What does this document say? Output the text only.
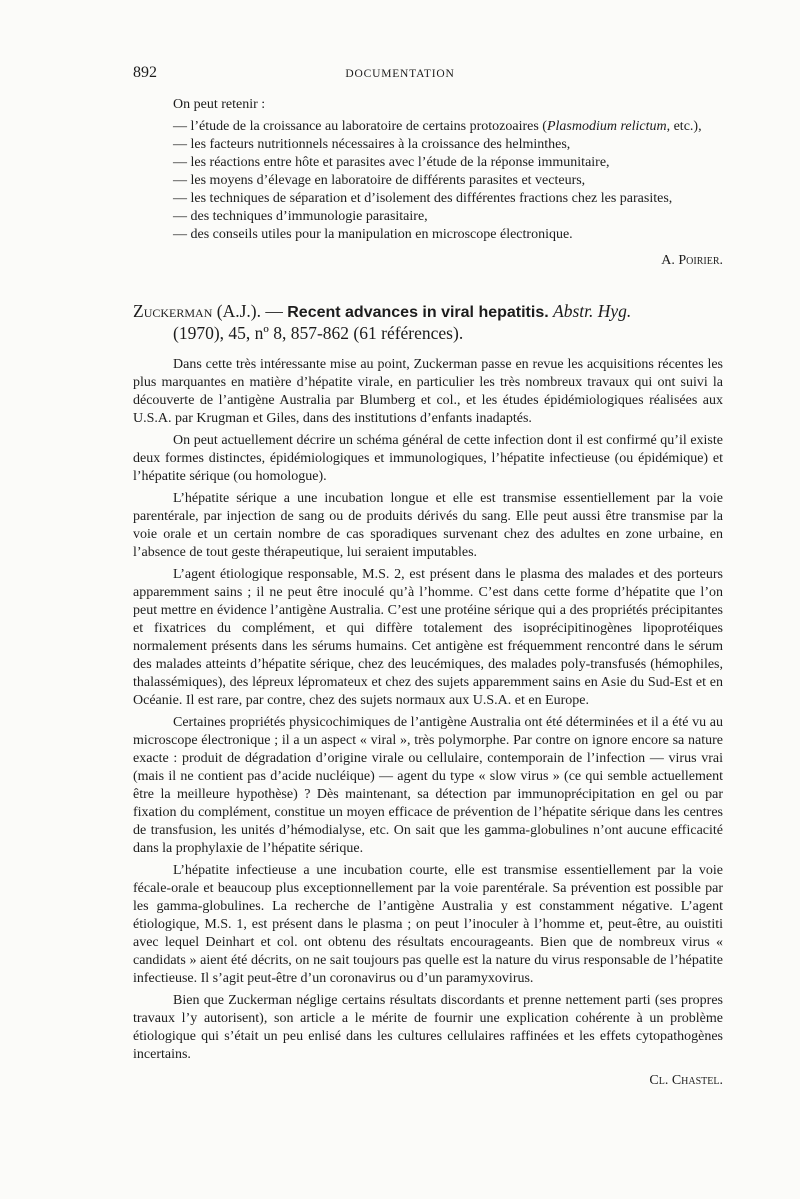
892	DOCUMENTATION

On peut retenir :

— l’étude de la croissance au laboratoire de certains protozoaires (Plasmodium relictum, etc.),
— les facteurs nutritionnels nécessaires à la croissance des helminthes,
— les réactions entre hôte et parasites avec l’étude de la réponse immunitaire,
— les moyens d’élevage en laboratoire de différents parasites et vecteurs,
— les techniques de séparation et d’isolement des différentes fractions chez les parasites,
— des techniques d’immunologie parasitaire,
— des conseils utiles pour la manipulation en microscope électronique.
A. Poirier.
Zuckerman (A.J.). — Recent advances in viral hepatitis. Abstr. Hyg.
(1970), 45, nº 8, 857-862 (61 références).

Dans cette très intéressante mise au point, Zuckerman passe en revue les acquisitions récentes les plus marquantes en matière d’hépatite virale, en particulier les très nombreux travaux qui ont suivi la découverte de l’antigène Australia par Blumberg et col., et les études épidémiologiques réalisées aux U.S.A. par Krugman et Giles, dans des institutions d’enfants inadaptés.

On peut actuellement décrire un schéma général de cette infection dont il est confirmé qu’il existe deux formes distinctes, épidémiologiques et immunologiques, l’hépatite infectieuse (ou épidémique) et l’hépatite sérique (ou homologue).

L’hépatite sérique a une incubation longue et elle est transmise essentiellement par la voie parentérale, par injection de sang ou de produits dérivés du sang. Elle peut aussi être transmise par la voie orale et un certain nombre de cas sporadiques survenant chez des adultes en zone urbaine, en l’absence de tout geste thérapeutique, lui seraient imputables.

L’agent étiologique responsable, M.S. 2, est présent dans le plasma des malades et des porteurs apparemment sains ; il ne peut être inoculé qu’à l’homme. C’est dans cette forme d’hépatite que l’on peut mettre en évidence l’antigène Australia. C’est une protéine sérique qui a des propriétés précipitantes et fixatrices du complément, et qui diffère totalement des isoprécipitinogènes lipoprotéiques normalement présents dans les sérums humains. Cet antigène est fréquemment rencontré dans le sérum des malades atteints d’hépatite sérique, chez des leucémiques, des malades poly-transfusés (hémophiles, thalassémiques), des lépreux lépromateux et chez des sujets apparemment sains en Asie du Sud-Est et en Océanie. Il est rare, par contre, chez des sujets normaux aux U.S.A. et en Europe.

Certaines propriétés physicochimiques de l’antigène Australia ont été déterminées et il a été vu au microscope électronique ; il a un aspect « viral », très polymorphe. Par contre on ignore encore sa nature exacte : produit de dégradation d’origine virale ou cellulaire, contemporain de l’infection — virus vrai (mais il ne contient pas d’acide nucléique) — agent du type « slow virus » (ce qui semble actuellement être la meilleure hypothèse) ? Dès maintenant, sa détection par immunoprécipitation en gel ou par fixation du complément, constitue un moyen efficace de prévention de l’hépatite sérique dans les centres de transfusion, les unités d’hémodialyse, etc. On sait que les gamma-globulines n’ont aucune efficacité dans la prophylaxie de l’hépatite sérique.

L’hépatite infectieuse a une incubation courte, elle est transmise essentiellement par la voie fécale-orale et beaucoup plus exceptionnellement par la voie parentérale. Sa prévention est possible par les gamma-globulines. La recherche de l’antigène Australia y est constamment négative. L’agent étiologique, M.S. 1, est présent dans le plasma ; on peut l’inoculer à l’homme et, peut-être, au ouistiti avec lequel Deinhart et col. ont obtenu des résultats encourageants. Bien que de nombreux virus « candidats » aient été décrits, on ne sait toujours pas quelle est la nature du virus responsable de l’hépatite infectieuse. Il s’agit peut-être d’un coronavirus ou d’un paramyxovirus.

Bien que Zuckerman néglige certains résultats discordants et prenne nettement parti (ses propres travaux l’y autorisent), son article a le mérite de fournir une explication cohérente à un problème étiologique qui s’était un peu enlisé dans les cultures cellulaires raffinées et les effets cytopathogènes incertains.

Cl. Chastel.
